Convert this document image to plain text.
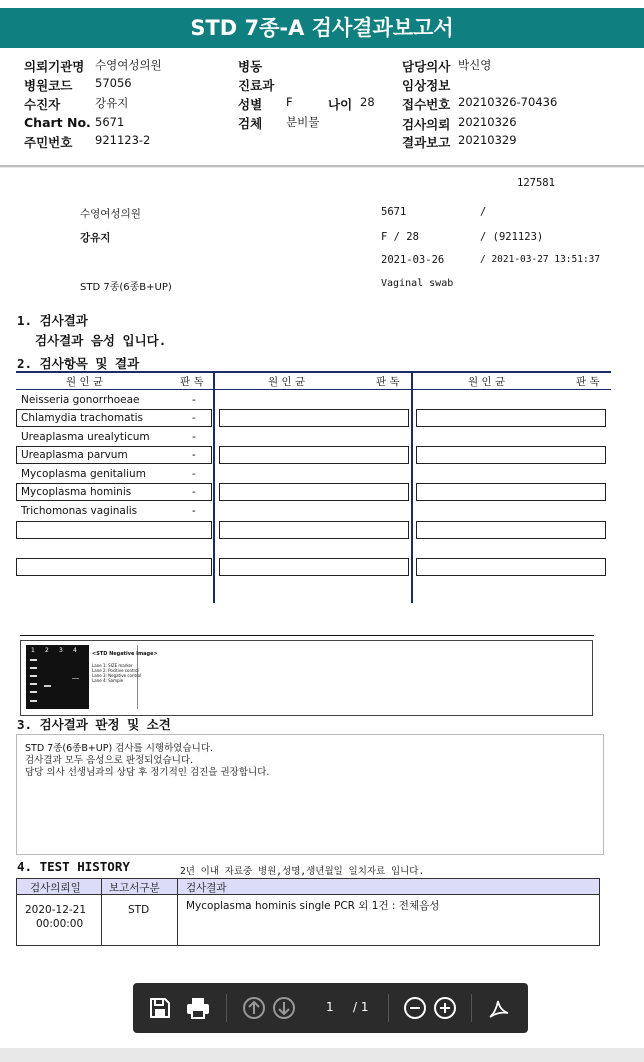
STD 7종-A 검사결과보고서
의뢰기관명 수영여성의원
병원코드 57056
수진자	강유지
Chart No. 5671
주민번호 921123-2
병동
진료과
성별 F	나이 28
검체 분비물
담당의사 박신영
임상정보
접수번호 20210326-70436
검사의뢰 20210326
결과보고 20210329
127581
수영여성의원	5671	/
강유지	F / 28	/ (921123)
2021-03-26	/ 2021-03-27 13:51:37
STD 7종(6종B+UP)	Vaginal swab
1. 검사결과
검사결과 음성 입니다.
2. 검사항목 및 결과
원 인 균	판 독	원 인 균	판 독	원 인 균	판 독
Neisseria gonorrhoeae	-
Chlamydia trachomatis	-
Ureaplasma urealyticum	-
Ureaplasma parvum	-
Mycoplasma genitalium	-
Mycoplasma hominis	-
Trichomonas vaginalis	-
1 2 3 4	<STD Negative Image>
Lane 1: SIZE marker
Lane 2: Positive control
Lane 3: Negative control
Lane 4: Sample
3. 검사결과 판정 및 소견
STD 7종(6종B+UP) 검사를 시행하였습니다.
검사결과 모두 음성으로 판정되었습니다.
담당 의사 선생님과의 상담 후 정기적인 검진을 권장합니다.
4. TEST HISTORY	2년 이내 자료중 병원,성명,생년월일 일치자료 입니다.
검사의뢰일	보고서구분	검사결과
2020-12-21
00:00:00
STD	Mycoplasma hominis single PCR 외 1건 : 전체음성
1 / 1
